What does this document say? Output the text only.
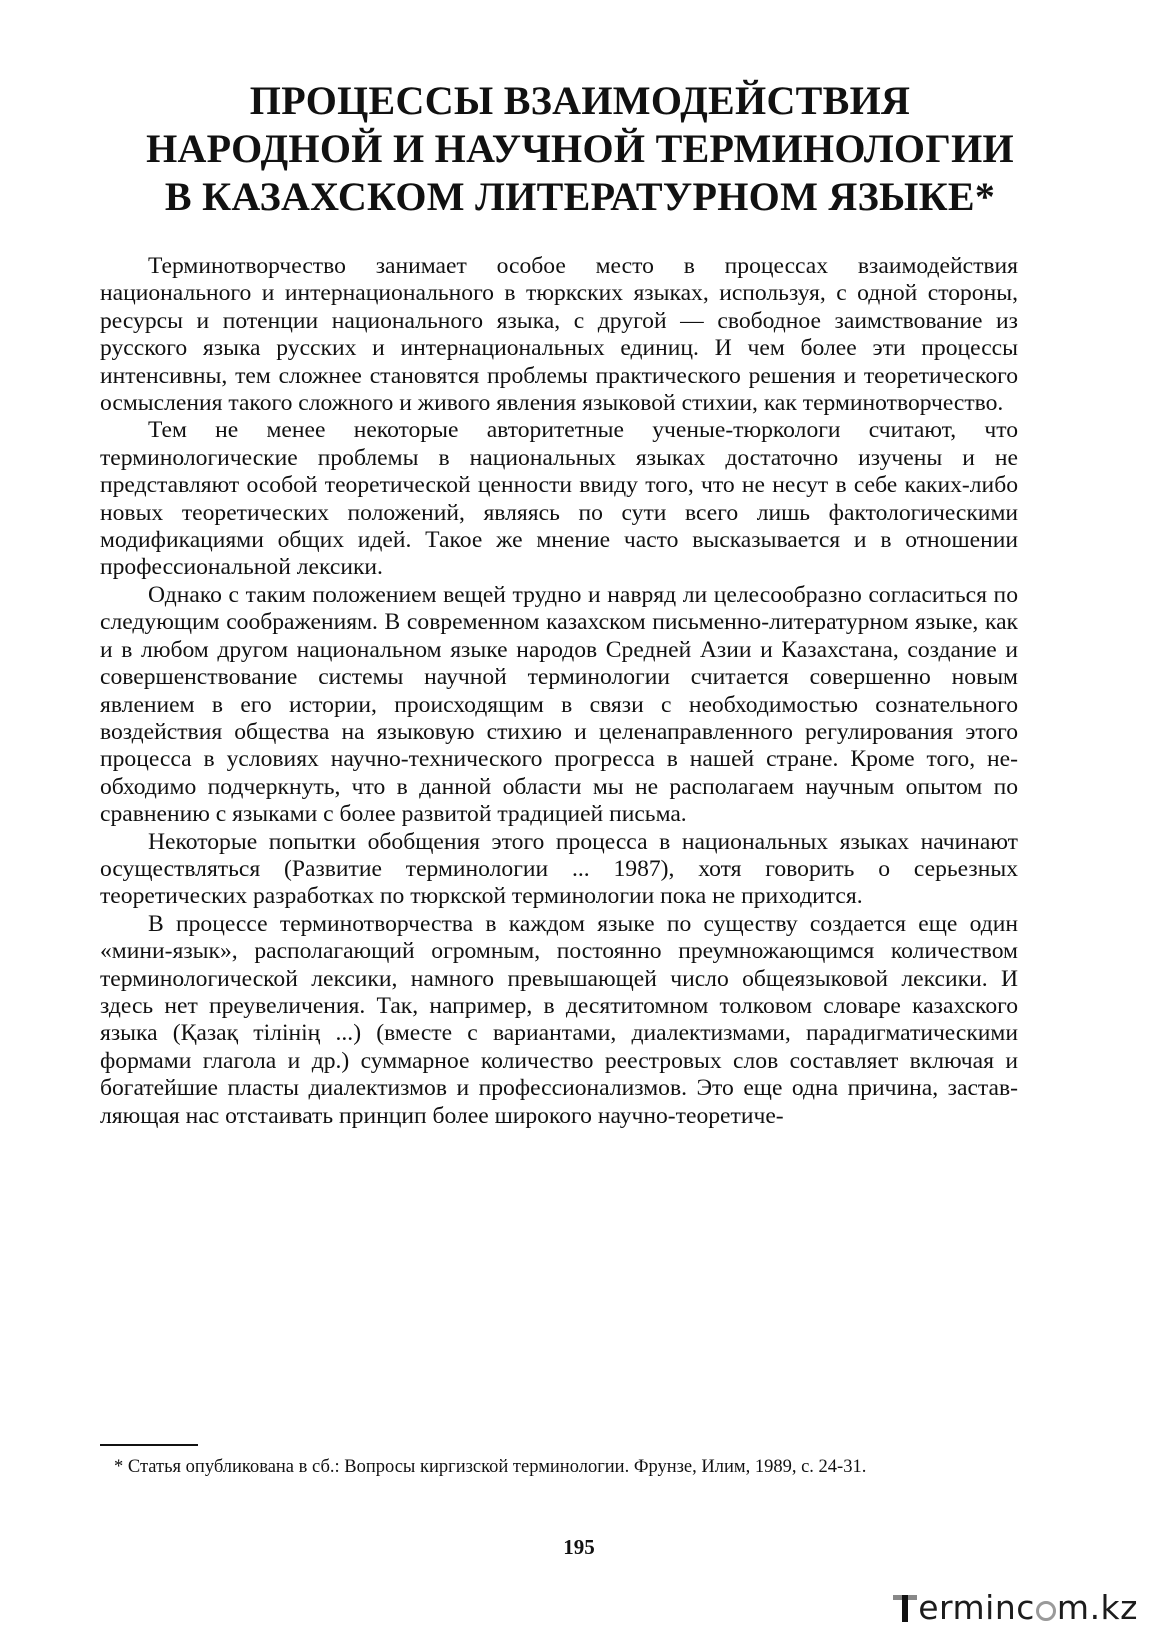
ПРОЦЕССЫ ВЗАИМОДЕЙСТВИЯ
НАРОДНОЙ И НАУЧНОЙ ТЕРМИНОЛОГИИ
В КАЗАХСКОМ ЛИТЕРАТУРНОМ ЯЗЫКЕ*

Терминотворчество занимает особое место в процессах взаимодействия национального и интернационального в тюркских языках, используя, с одной стороны, ресурсы и потенции национального языка, с другой — свободное заимствование из русского языка русских и интернациональных единиц. И чем более эти процессы интенсивны, тем сложнее становятся проблемы практического решения и теоретического осмысления такого сложного и живого явления языковой стихии, как терминотворчество.

Тем не менее некоторые авторитетные ученые-тюркологи считают, что терминологические проблемы в национальных языках достаточно изучены и не представляют особой теоретической ценности ввиду того, что не несут в себе каких-либо новых теоретических положений, являясь по сути всего лишь фактологическими модификациями общих идей. Такое же мнение часто высказывается и в отношении профессиональной лексики.

Однако с таким положением вещей трудно и навряд ли целесообразно согласиться по следующим соображениям. В современном казахском письменно-литературном языке, как и в любом другом национальном языке народов Средней Азии и Казахстана, создание и совершенствование системы научной терминологии считается совершенно новым явлением в его истории, происходящим в связи с необходимостью сознательного воздействия общества на языковую стихию и целенаправленного регулирования этого процесса в условиях научно-технического прогресса в нашей стране. Кроме того, необходимо подчеркнуть, что в данной области мы не располагаем научным опытом по сравнению с языками с более развитой традицией письма.

Некоторые попытки обобщения этого процесса в национальных языках начинают осуществляться (Развитие терминологии ... 1987), хотя говорить о серьезных теоретических разработках по тюркской терминологии пока не приходится.

В процессе терминотворчества в каждом языке по существу создается еще один «мини-язык», располагающий огромным, постоянно преумножающимся количеством терминологической лексики, намного превышающей число общеязыковой лексики. И здесь нет преувеличения. Так, например, в десятитомном толковом словаре казахского языка (Қазақ тілінің ...) (вместе с вариантами, диалектизмами, парадигматическими формами глагола и др.) суммарное количество реестровых слов составляет включая и богатейшие пласты диалектизмов и профессионализмов. Это еще одна причина, заставляющая нас отстаивать принцип более широкого научно-теоретиче-

* Статья опубликована в сб.: Вопросы киргизской терминологии. Фрунзе, Илим, 1989, с. 24-31.
195
erminc m.kz
